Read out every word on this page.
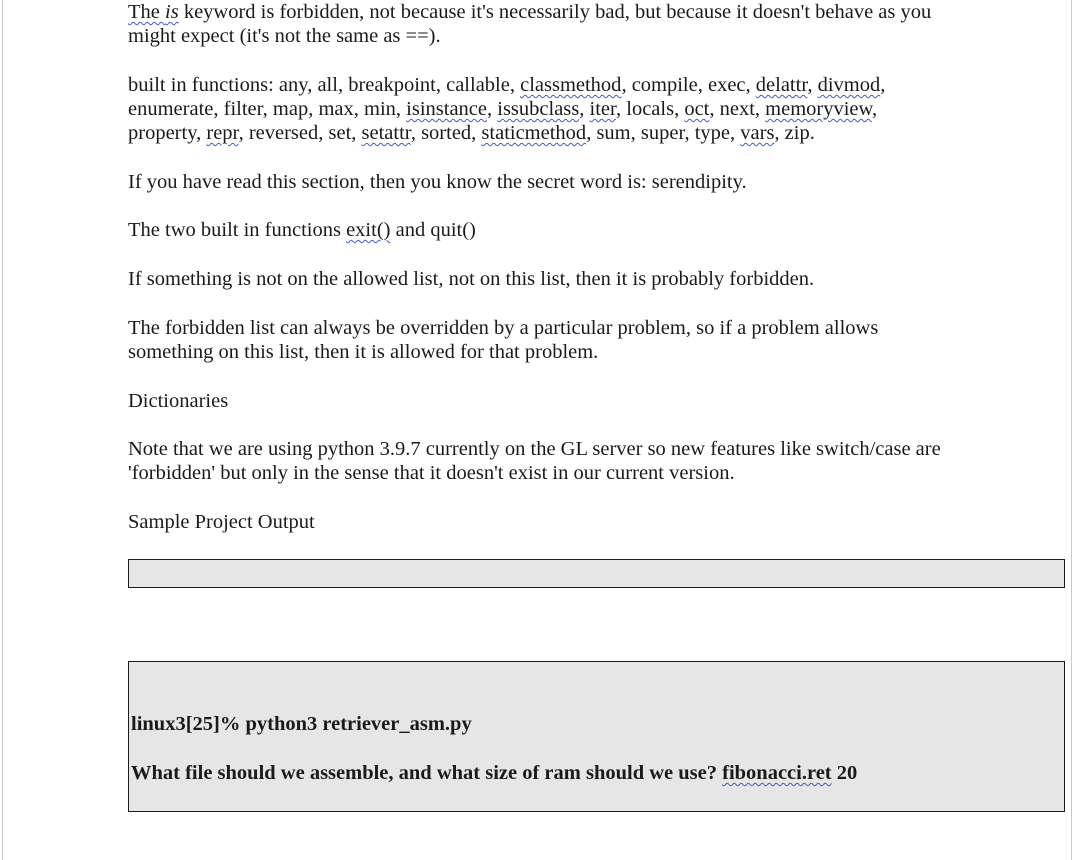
The is keyword is forbidden, not because it's necessarily bad, but because it doesn't behave as you might expect (it's not the same as ==).

built in functions: any, all, breakpoint, callable, classmethod, compile, exec, delattr, divmod, enumerate, filter, map, max, min, isinstance, issubclass, iter, locals, oct, next, memoryview, property, repr, reversed, set, setattr, sorted, staticmethod, sum, super, type, vars, zip.

If you have read this section, then you know the secret word is: serendipity.

The two built in functions exit() and quit()

If something is not on the allowed list, not on this list, then it is probably forbidden.

The forbidden list can always be overridden by a particular problem, so if a problem allows something on this list, then it is allowed for that problem.

Dictionaries

Note that we are using python 3.9.7 currently on the GL server so new features like switch/case are 'forbidden' but only in the sense that it doesn't exist in our current version.

Sample Project Output

linux3[25]% python3 retriever_asm.py
What file should we assemble, and what size of ram should we use? fibonacci.ret 20
